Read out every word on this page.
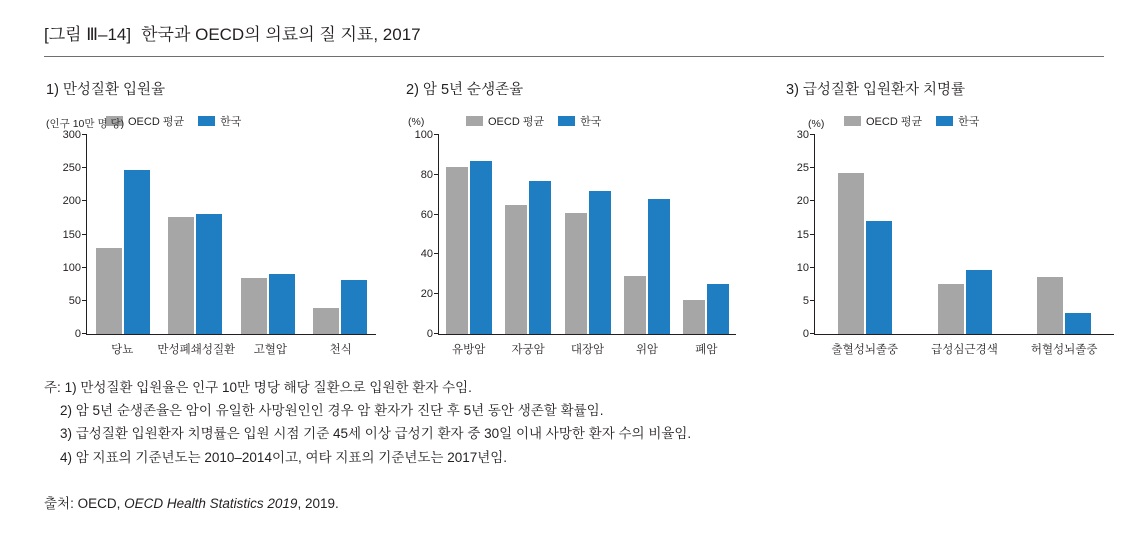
[그림 Ⅲ–14] 한국과 OECD의 의료의 질 지표, 2017
1) 만성질환 입원율
(인구 10만 명 당) OECD 평균	한국
0
50
100
150
200
250
300
당뇨	만성폐쇄성질환	고혈압	천식
2) 암 5년 순생존율
(%)	OECD 평균	한국
0
20
40
60
80
100
유방암	자궁암	대장암	위암	폐암
3) 급성질환 입원환자 치명률
(%)	OECD 평균	한국
0
5
10
15
20
25
30
출혈성뇌졸중	급성심근경색	허혈성뇌졸중
주: 1) 만성질환 입원율은 인구 10만 명당 해당 질환으로 입원한 환자 수임.
2) 암 5년 순생존율은 암이 유일한 사망원인인 경우 암 환자가 진단 후 5년 동안 생존할 확률임.
3) 급성질환 입원환자 치명률은 입원 시점 기준 45세 이상 급성기 환자 중 30일 이내 사망한 환자 수의 비율임.
4) 암 지표의 기준년도는 2010–2014이고, 여타 지표의 기준년도는 2017년임.
출처: OECD, OECD Health Statistics 2019, 2019.
